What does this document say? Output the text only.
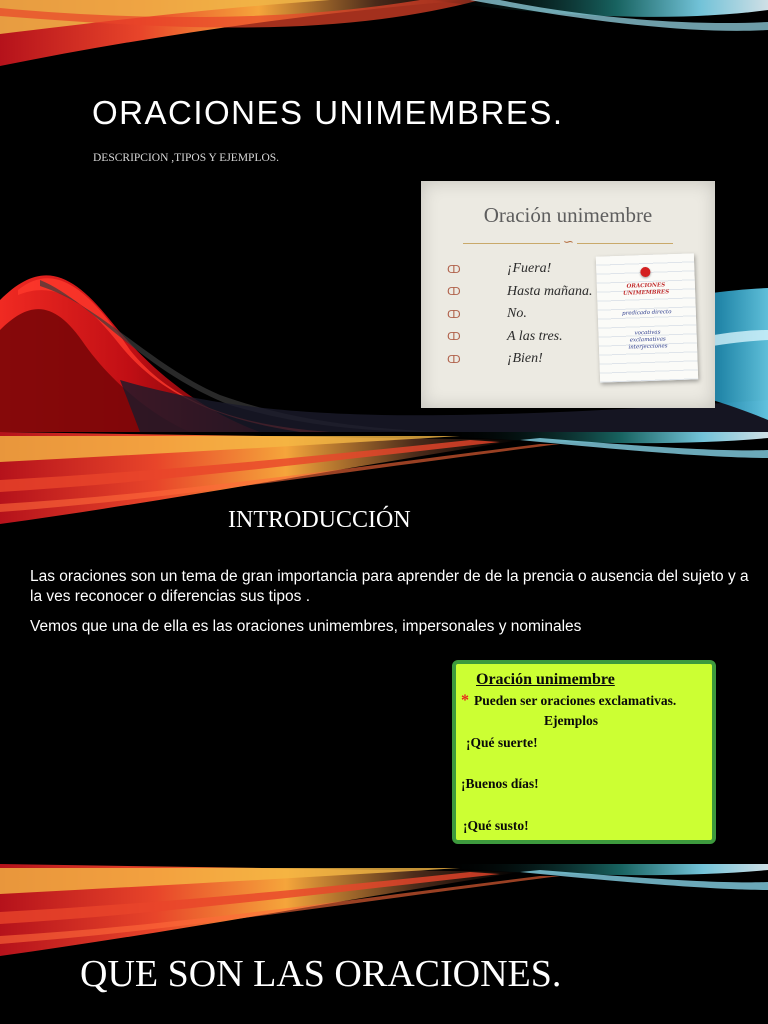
ORACIONES UNIMEMBRES.
DESCRIPCION ,TIPOS Y EJEMPLOS.
Oración unimembre
∽
ↀ	¡Fuera!
ↀ	Hasta mañana.
ↀ	No.
ↀ	A las tres.
ↀ	¡Bien!
ORACIONES
UNIMEMBRES
predicado directo
vocativas
exclamativas
interjecciones
INTRODUCCIÓN

Las oraciones son un tema de gran importancia para aprender de de la prencia o ausencia del sujeto y a la ves reconocer o diferencias sus tipos .

Vemos que una de ella es las oraciones unimembres, impersonales y nominales

Oración unimembre
* Pueden ser oraciones exclamativas.
Ejemplos
¡Qué suerte!
¡Buenos días!
¡Qué susto!
QUE SON LAS ORACIONES.
